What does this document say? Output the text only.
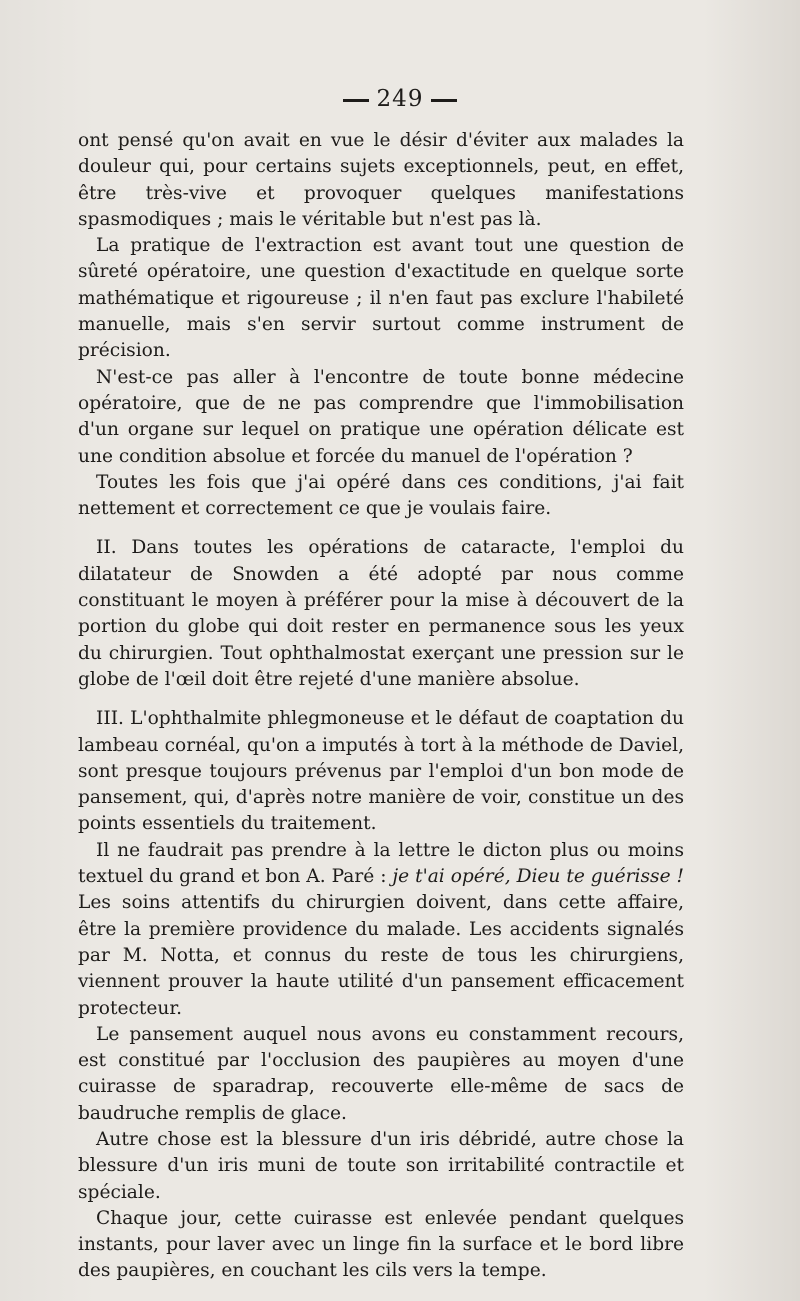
249

ont pensé qu'on avait en vue le désir d'éviter aux malades la douleur qui, pour certains sujets exceptionnels, peut, en effet, être très-vive et provoquer quelques manifestations spasmodiques ; mais le véritable but n'est pas là.

La pratique de l'extraction est avant tout une question de sûreté opératoire, une question d'exactitude en quelque sorte mathématique et rigoureuse ; il n'en faut pas exclure l'habileté manuelle, mais s'en servir surtout comme instrument de précision.

N'est-ce pas aller à l'encontre de toute bonne médecine opératoire, que de ne pas comprendre que l'immobilisation d'un organe sur lequel on pratique une opération délicate est une condition absolue et forcée du manuel de l'opération ?

Toutes les fois que j'ai opéré dans ces conditions, j'ai fait nettement et correctement ce que je voulais faire.

II. Dans toutes les opérations de cataracte, l'emploi du dilatateur de Snowden a été adopté par nous comme constituant le moyen à préférer pour la mise à découvert de la portion du globe qui doit rester en permanence sous les yeux du chirurgien. Tout ophthalmostat exerçant une pression sur le globe de l'œil doit être rejeté d'une manière absolue.

III. L'ophthalmite phlegmoneuse et le défaut de coaptation du lambeau cornéal, qu'on a imputés à tort à la méthode de Daviel, sont presque toujours prévenus par l'emploi d'un bon mode de pansement, qui, d'après notre manière de voir, constitue un des points essentiels du traitement.

Il ne faudrait pas prendre à la lettre le dicton plus ou moins textuel du grand et bon A. Paré : je t'ai opéré, Dieu te guérisse ! Les soins attentifs du chirurgien doivent, dans cette affaire, être la première providence du malade. Les accidents signalés par M. Notta, et connus du reste de tous les chirurgiens, viennent prouver la haute utilité d'un pansement efficacement protecteur.

Le pansement auquel nous avons eu constamment recours, est constitué par l'occlusion des paupières au moyen d'une cuirasse de sparadrap, recouverte elle-même de sacs de baudruche remplis de glace.

Autre chose est la blessure d'un iris débridé, autre chose la blessure d'un iris muni de toute son irritabilité contractile et spéciale.

Chaque jour, cette cuirasse est enlevée pendant quelques instants, pour laver avec un linge fin la surface et le bord libre des paupières, en couchant les cils vers la tempe.
